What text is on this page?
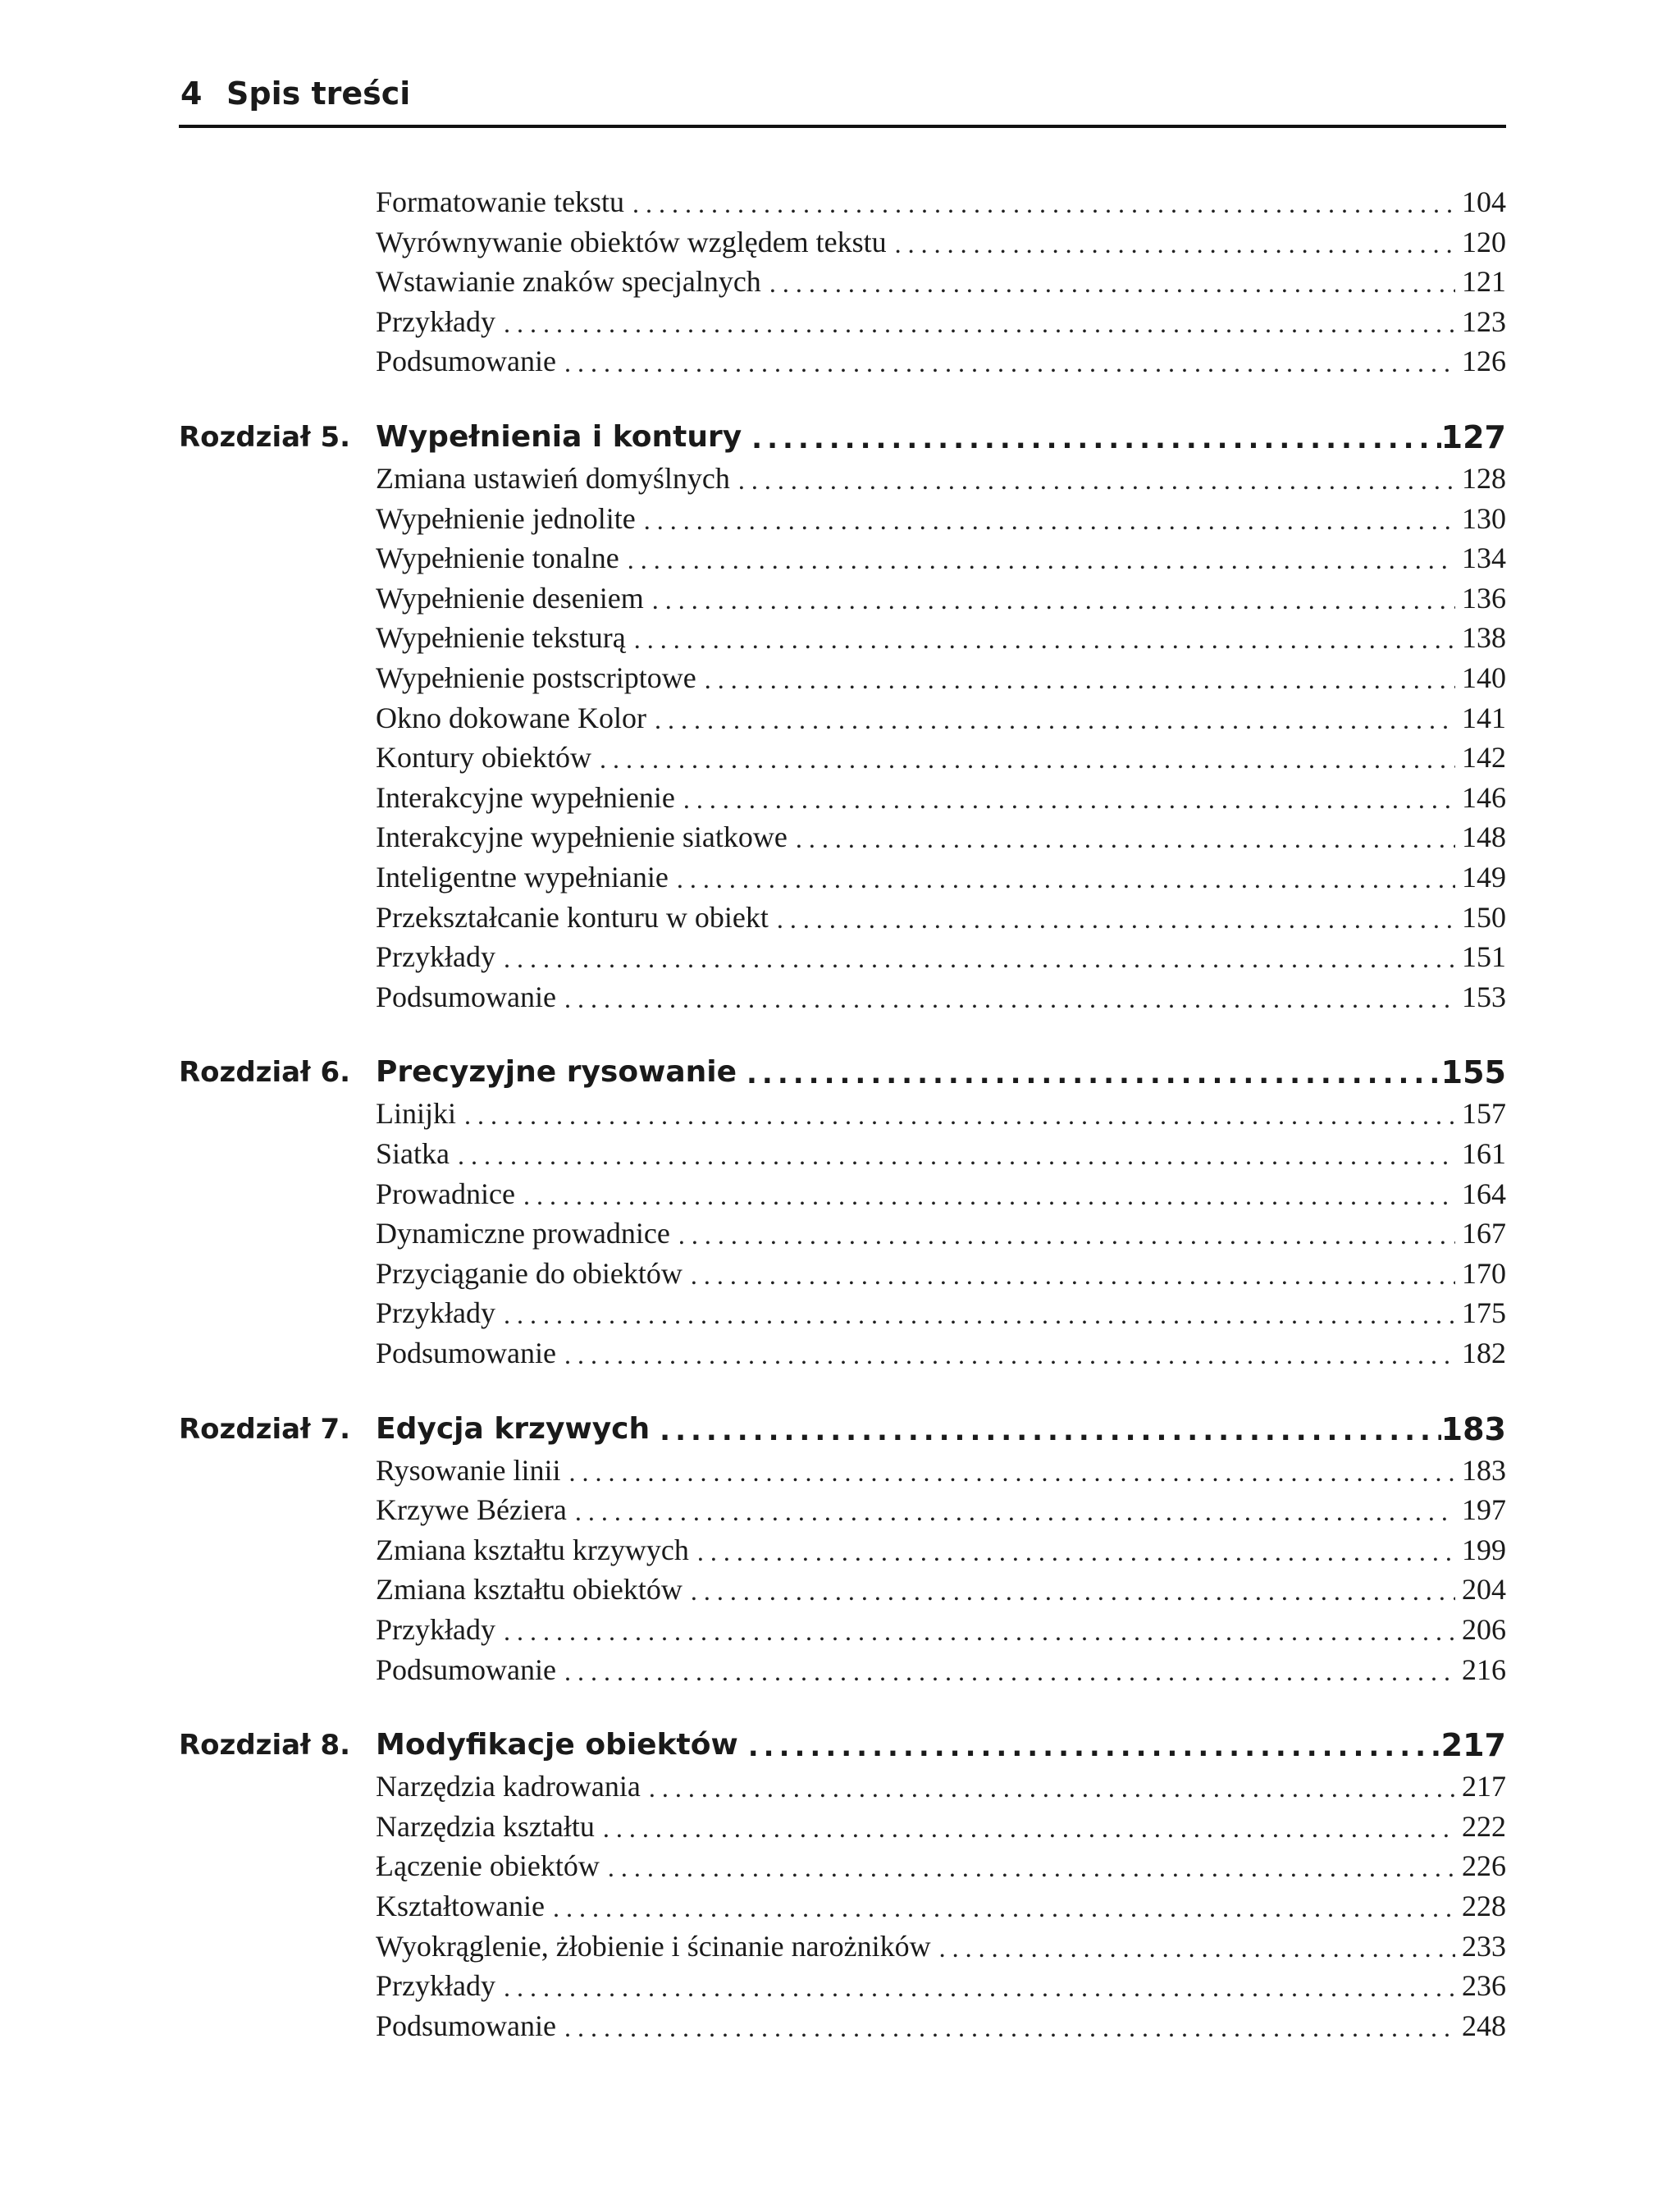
4 Spis treści
Formatowanie tekstu . . .	104
Wyrównywanie obiektów względem tekstu . . .	120
Wstawianie znaków specjalnych . . .	121
Przykłady . . .	123
Podsumowanie . . .	126
Rozdział 5. Wypełnienia i kontury .....	127
Zmiana ustawień domyślnych . . .	128
Wypełnienie jednolite . . .	130
Wypełnienie tonalne . . .	134
Wypełnienie deseniem . . .	136
Wypełnienie teksturą . . .	138
Wypełnienie postscriptowe . . .	140
Okno dokowane Kolor . . .	141
Kontury obiektów . . .	142
Interakcyjne wypełnienie . . .	146
Interakcyjne wypełnienie siatkowe . . .	148
Inteligentne wypełnianie . . .	149
Przekształcanie konturu w obiekt . . .	150
Przykłady . . .	151
Podsumowanie . . .	153
Rozdział 6. Precyzyjne rysowanie .....	155
Linijki . . .	157
Siatka . . .	161
Prowadnice . . .	164
Dynamiczne prowadnice . . .	167
Przyciąganie do obiektów . . .	170
Przykłady . . .	175
Podsumowanie . . .	182
Rozdział 7. Edycja krzywych .....	183
Rysowanie linii . . .	183
Krzywe Béziera . . .	197
Zmiana kształtu krzywych . . .	199
Zmiana kształtu obiektów . . .	204
Przykłady . . .	206
Podsumowanie . . .	216
Rozdział 8. Modyfikacje obiektów .....	217
Narzędzia kadrowania . . .	217
Narzędzia kształtu . . .	222
Łączenie obiektów . . .	226
Kształtowanie . . .	228
Wyokrąglenie, żłobienie i ścinanie narożników . . .	233
Przykłady . . .	236
Podsumowanie . . .	248
